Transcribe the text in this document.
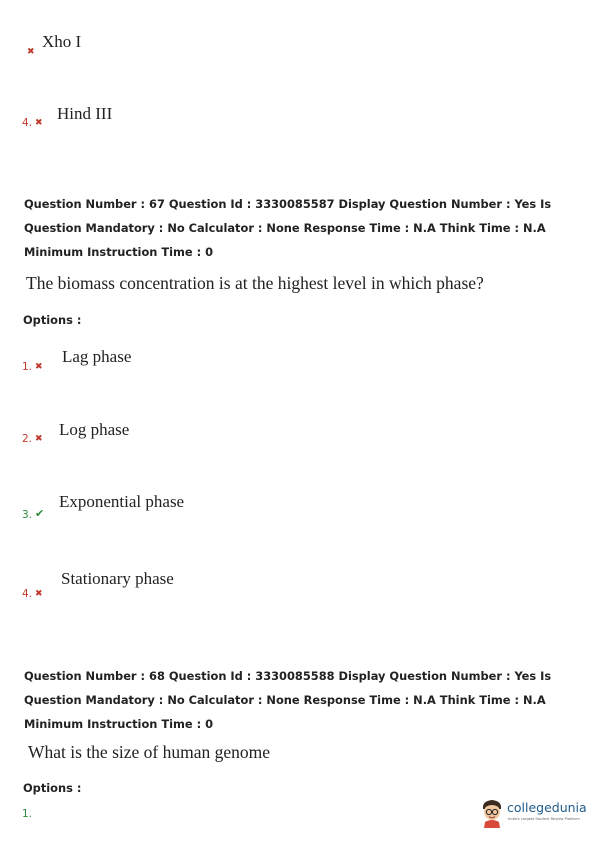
Xho I
✖
Hind III
4. ✖
Question Number : 67 Question Id : 3330085587 Display Question Number : Yes Is Question Mandatory : No Calculator : None Response Time : N.A Think Time : N.A Minimum Instruction Time : 0
The biomass concentration is at the highest level in which phase?
Options :
Lag phase
1. ✖
Log phase
2. ✖
Exponential phase
3. ✔
Stationary phase
4. ✖
Question Number : 68 Question Id : 3330085588 Display Question Number : Yes Is Question Mandatory : No Calculator : None Response Time : N.A Think Time : N.A Minimum Instruction Time : 0
What is the size of human genome
Options :
1.	collegedunia
India's Largest Student Review Platform
